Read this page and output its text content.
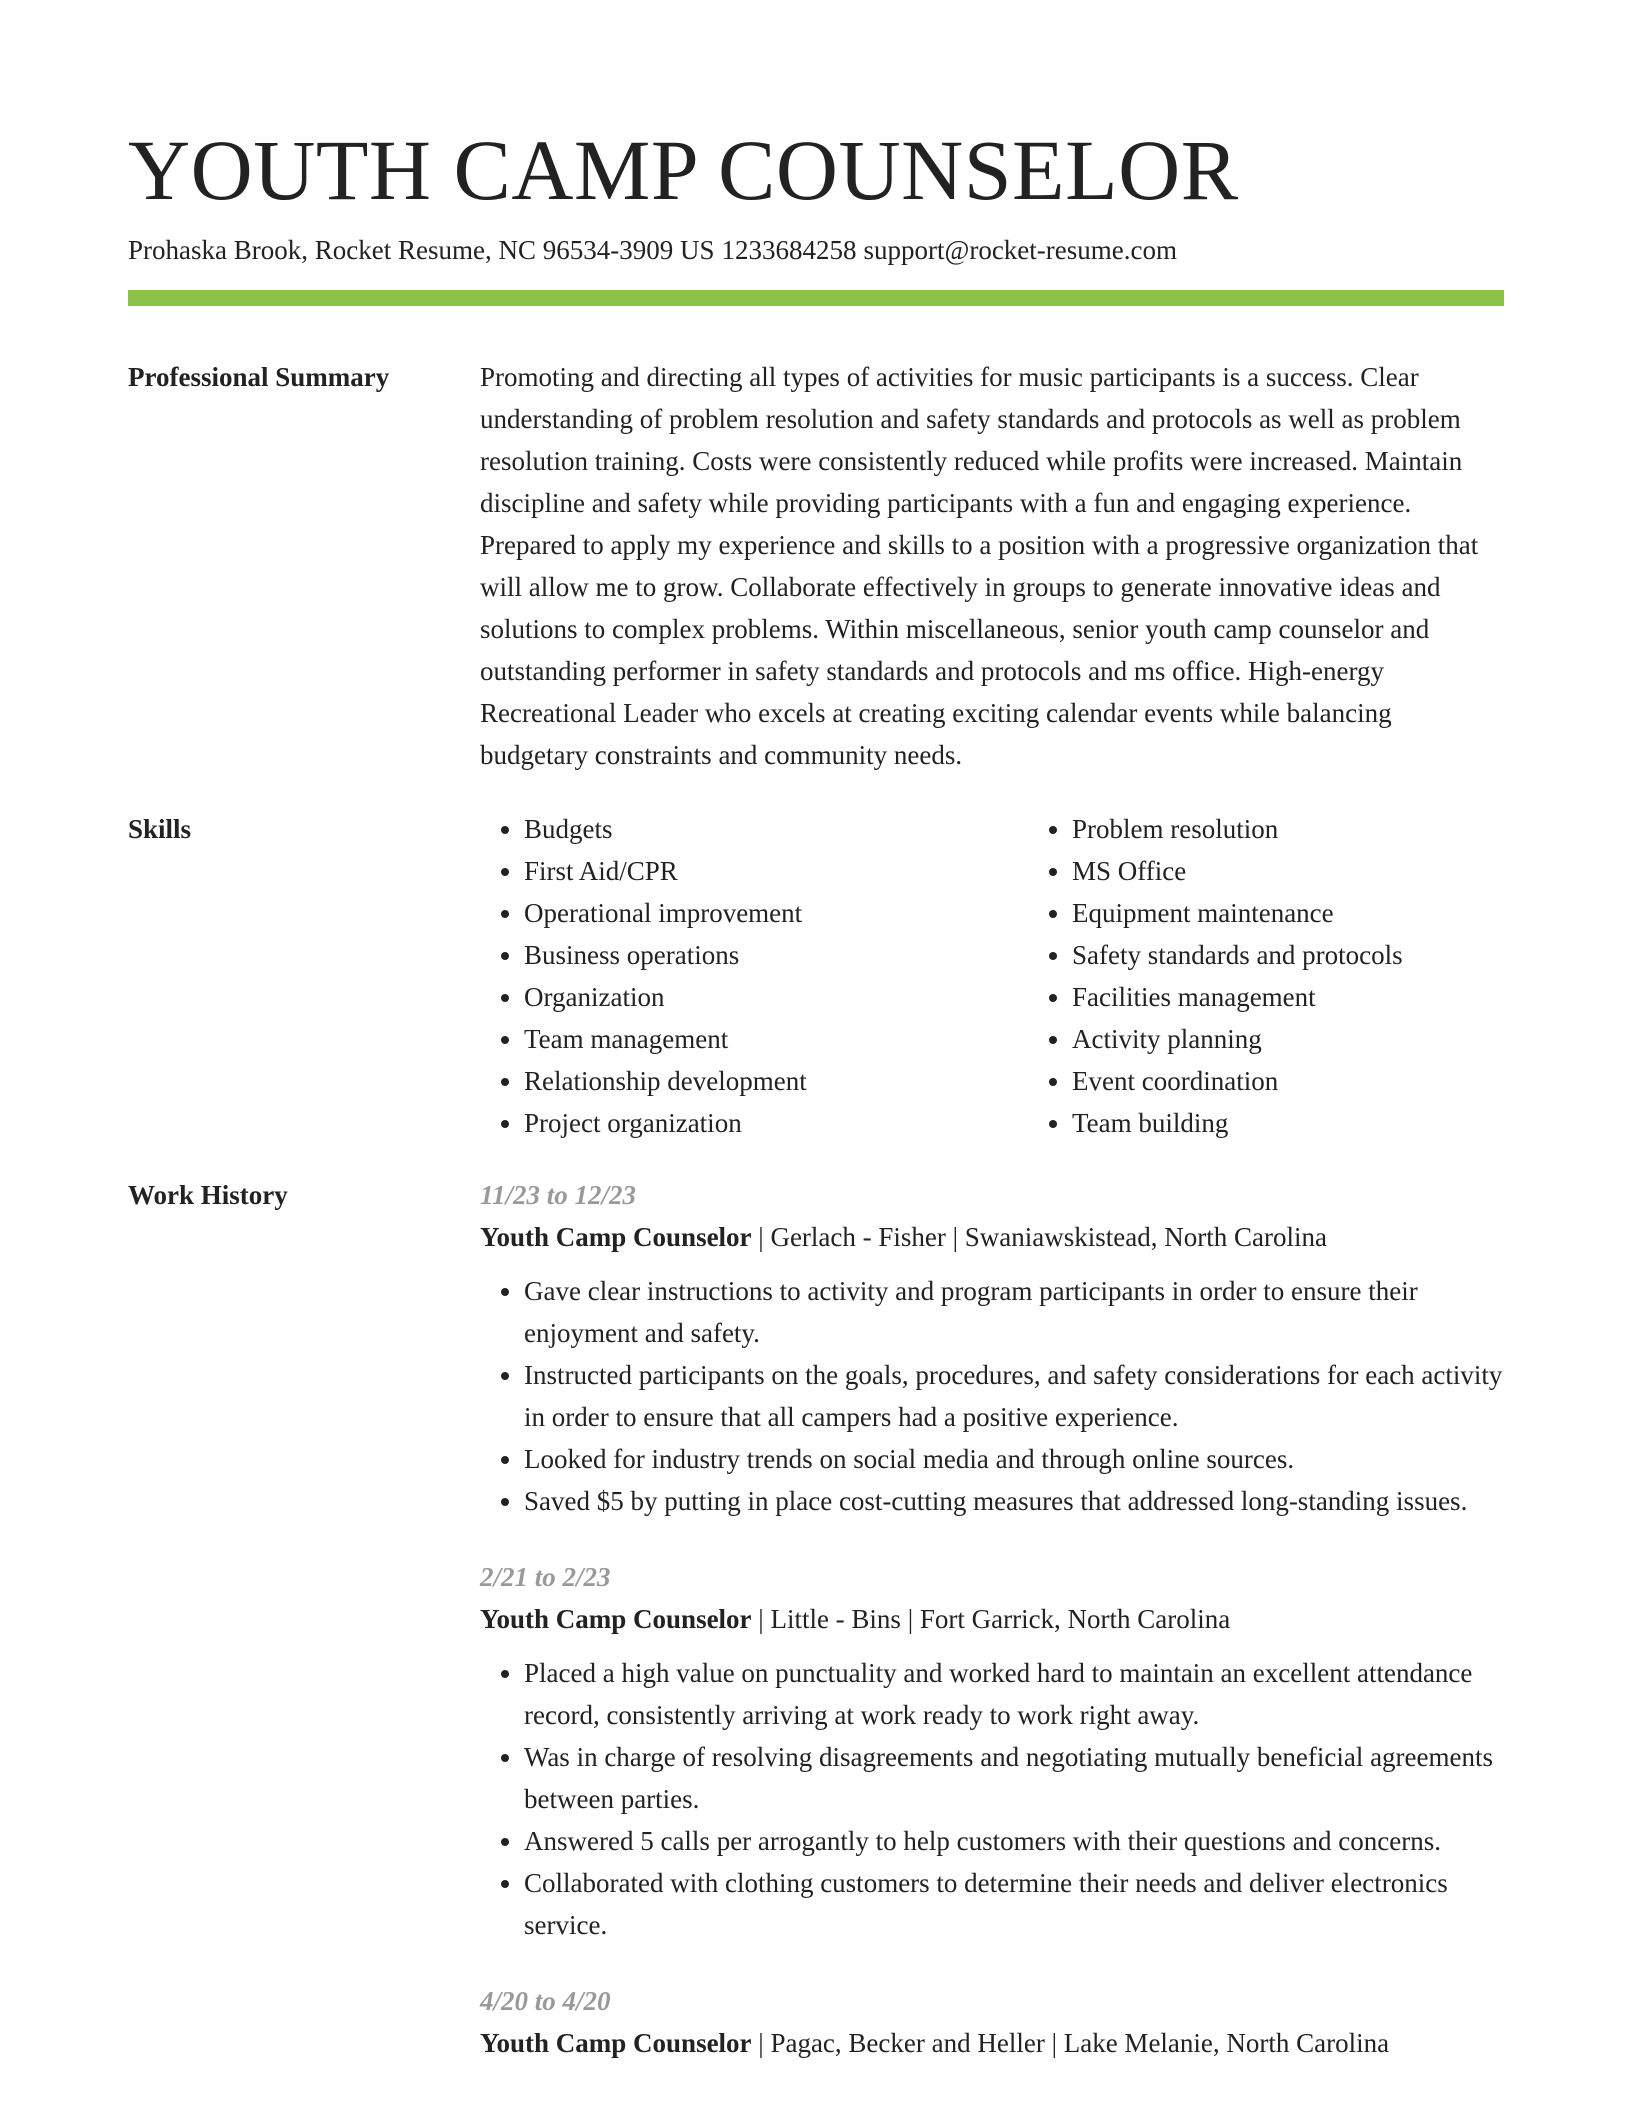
YOUTH CAMP COUNSELOR
Prohaska Brook, Rocket Resume, NC 96534-3909 US 1233684258 support@rocket-resume.com
Professional Summary	Promoting and directing all types of activities for music participants is a success. Clear understanding of problem resolution and safety standards and protocols as well as problem resolution training. Costs were consistently reduced while profits were increased. Maintain discipline and safety while providing participants with a fun and engaging experience. Prepared to apply my experience and skills to a position with a progressive organization that will allow me to grow. Collaborate effectively in groups to generate innovative ideas and solutions to complex problems. Within miscellaneous, senior youth camp counselor and outstanding performer in safety standards and protocols and ms office. High-energy Recreational Leader who excels at creating exciting calendar events while balancing budgetary constraints and community needs.
Skills
•	Budgets
• First Aid/CPR
• Operational improvement
• Business operations
• Organization
• Team management
• Relationship development
• Project organization
• Problem resolution
• MS Office
• Equipment maintenance
• Safety standards and protocols
• Facilities management
• Activity planning
• Event coordination
• Team building
Work History	11/23 to 12/23
Youth Camp Counselor | Gerlach - Fisher | Swaniawskistead, North Carolina
• Gave clear instructions to activity and program participants in order to ensure their enjoyment and safety.
• Instructed participants on the goals, procedures, and safety considerations for each activity in order to ensure that all campers had a positive experience.
• Looked for industry trends on social media and through online sources.
• Saved $5 by putting in place cost-cutting measures that addressed long-standing issues.
2/21 to 2/23
Youth Camp Counselor | Little - Bins | Fort Garrick, North Carolina
• Placed a high value on punctuality and worked hard to maintain an excellent attendance record, consistently arriving at work ready to work right away.
• Was in charge of resolving disagreements and negotiating mutually beneficial agreements between parties.
• Answered 5 calls per arrogantly to help customers with their questions and concerns.
• Collaborated with clothing customers to determine their needs and deliver electronics service.
4/20 to 4/20
Youth Camp Counselor | Pagac, Becker and Heller | Lake Melanie, North Carolina
